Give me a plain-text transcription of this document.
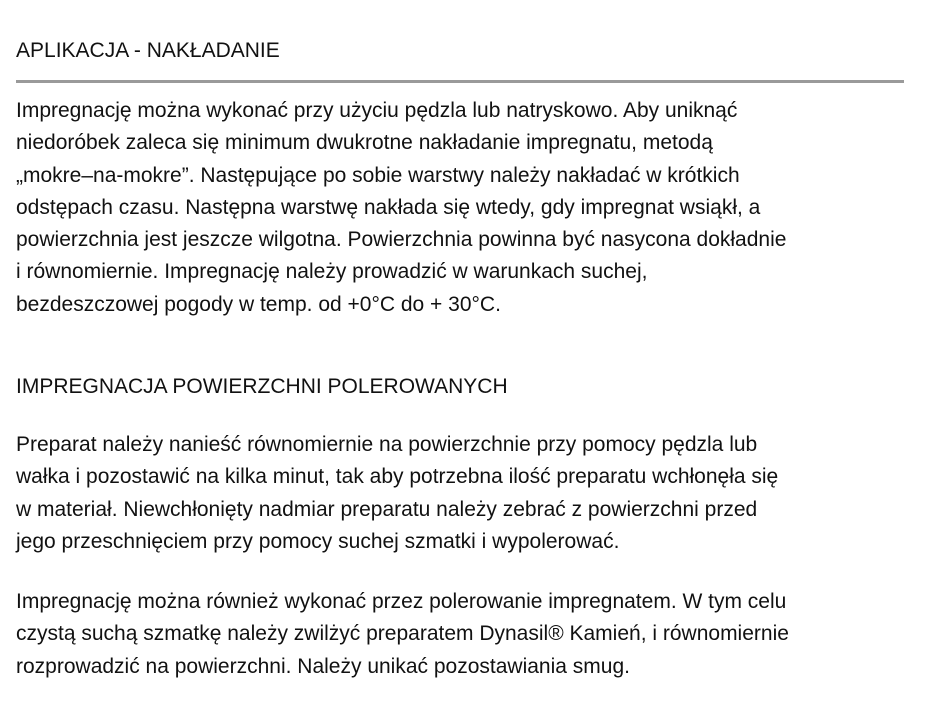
APLIKACJA - NAKŁADANIE

Impregnację można wykonać przy użyciu pędzla lub natryskowo. Aby uniknąć
niedoróbek zaleca się minimum dwukrotne nakładanie impregnatu, metodą
„mokre–na-mokre”. Następujące po sobie warstwy należy nakładać w krótkich
odstępach czasu. Następna warstwę nakłada się wtedy, gdy impregnat wsiąkł, a
powierzchnia jest jeszcze wilgotna. Powierzchnia powinna być nasycona dokładnie
i równomiernie. Impregnację należy prowadzić w warunkach suchej,
bezdeszczowej pogody w temp. od +0°C do + 30°C.

IMPREGNACJA POWIERZCHNI POLEROWANYCH

Preparat należy nanieść równomiernie na powierzchnie przy pomocy pędzla lub
wałka i pozostawić na kilka minut, tak aby potrzebna ilość preparatu wchłonęła się
w materiał. Niewchłonięty nadmiar preparatu należy zebrać z powierzchni przed
jego przeschnięciem przy pomocy suchej szmatki i wypolerować.

Impregnację można również wykonać przez polerowanie impregnatem. W tym celu
czystą suchą szmatkę należy zwilżyć preparatem Dynasil® Kamień, i równomiernie
rozprowadzić na powierzchni. Należy unikać pozostawiania smug.
